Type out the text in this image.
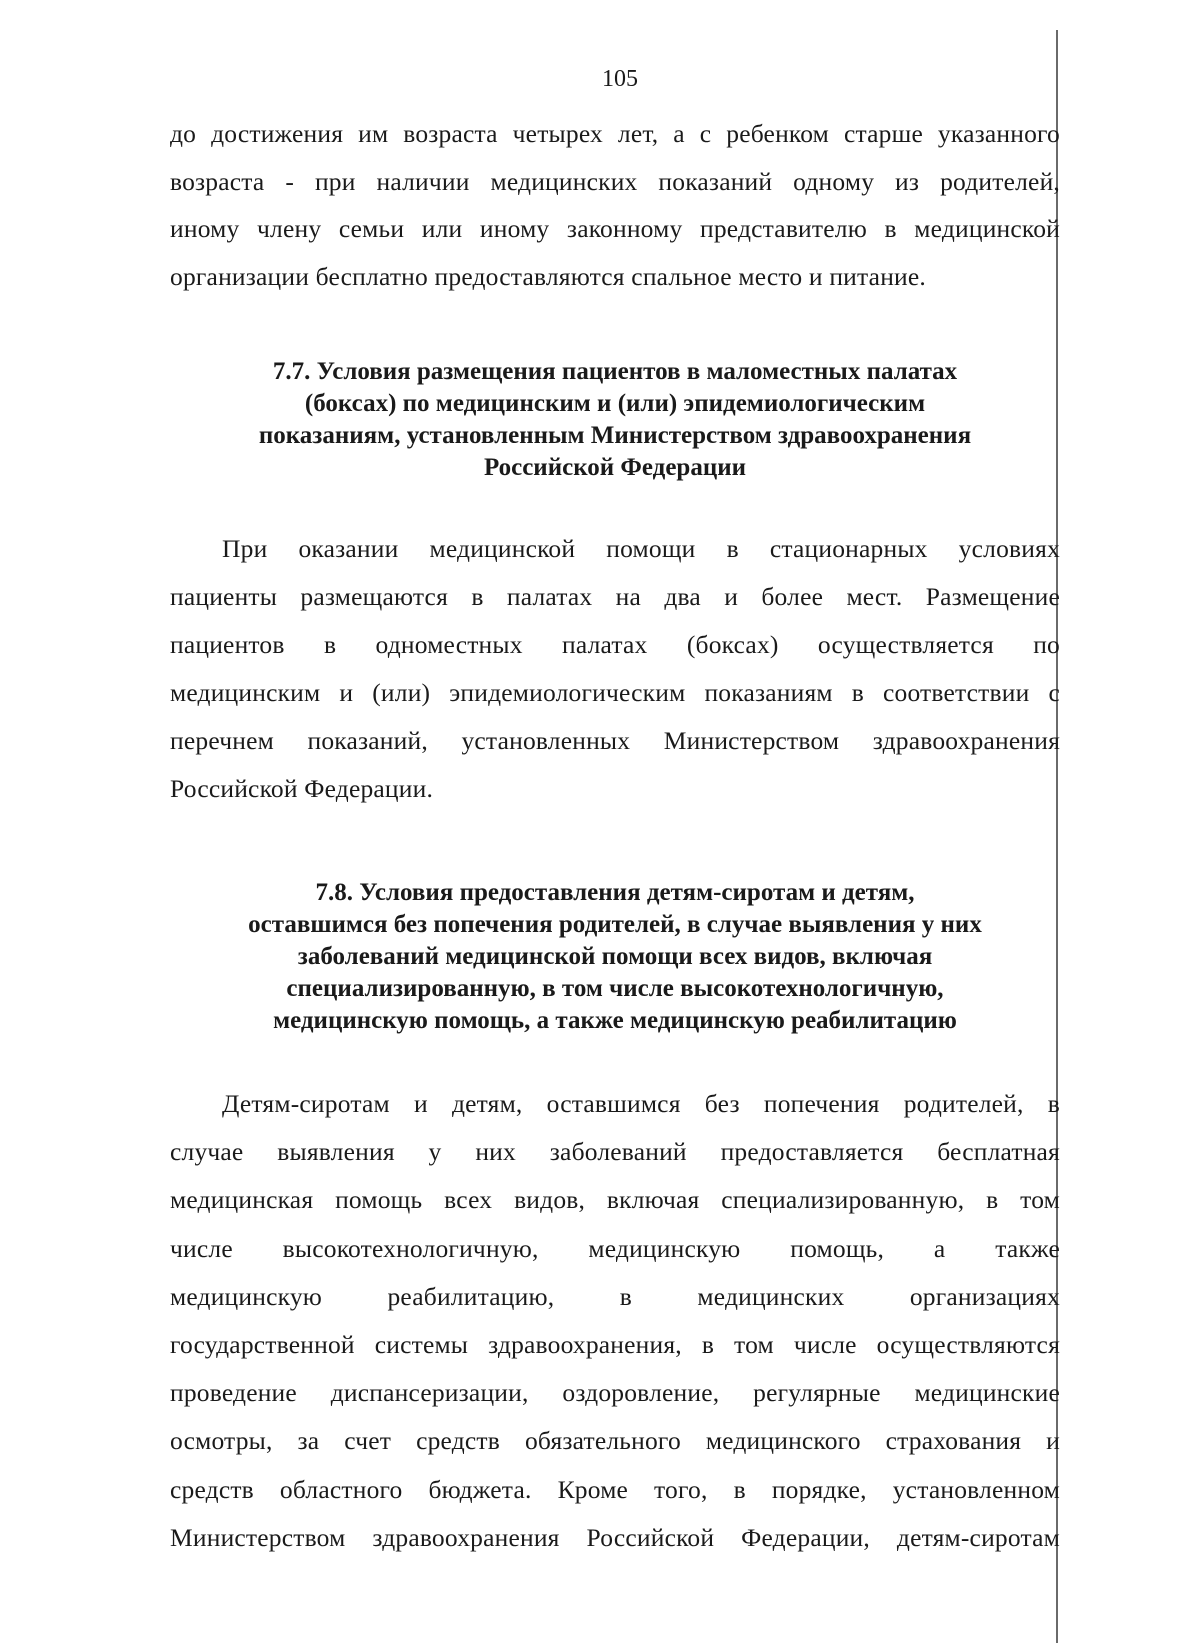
105
до достижения им возраста четырех лет, а с ребенком старше указанного
возраста - при наличии медицинских показаний одному из родителей,
иному члену семьи или иному законному представителю в медицинской
организации бесплатно предоставляются спальное место и питание.
7.7. Условия размещения пациентов в маломестных палатах
(боксах) по медицинским и (или) эпидемиологическим
показаниям, установленным Министерством здравоохранения
Российской Федерации
При оказании медицинской помощи в стационарных условиях
пациенты размещаются в палатах на два и более мест. Размещение
пациентов в одноместных палатах (боксах) осуществляется по
медицинским и (или) эпидемиологическим показаниям в соответствии с
перечнем показаний, установленных Министерством здравоохранения
Российской Федерации.
7.8. Условия предоставления детям-сиротам и детям,
оставшимся без попечения родителей, в случае выявления у них
заболеваний медицинской помощи всех видов, включая
специализированную, в том числе высокотехнологичную,
медицинскую помощь, а также медицинскую реабилитацию
Детям-сиротам и детям, оставшимся без попечения родителей, в
случае выявления у них заболеваний предоставляется бесплатная
медицинская помощь всех видов, включая специализированную, в том
числе высокотехнологичную, медицинскую помощь, а также
медицинскую реабилитацию, в медицинских организациях
государственной системы здравоохранения, в том числе осуществляются
проведение диспансеризации, оздоровление, регулярные медицинские
осмотры, за счет средств обязательного медицинского страхования и
средств областного бюджета. Кроме того, в порядке, установленном
Министерством здравоохранения Российской Федерации, детям-сиротам
